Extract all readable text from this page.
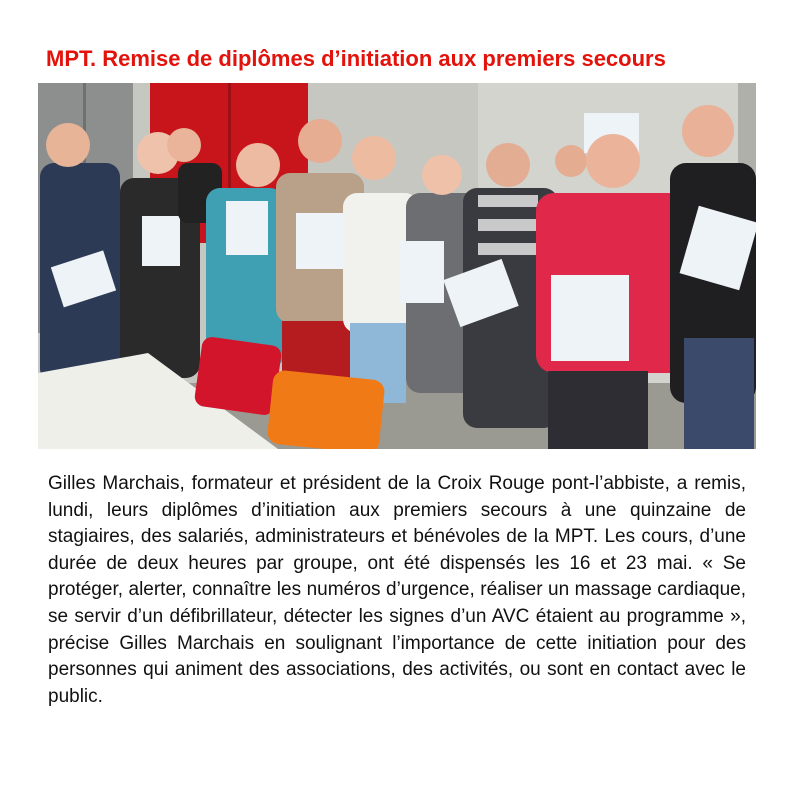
MPT. Remise de diplômes d’initiation aux premiers secours

Gilles Marchais, formateur et président de la Croix Rouge pont-l’abbiste, a remis, lundi, leurs diplômes d’initiation aux premiers secours à une quinzaine de stagiaires, des salariés, administrateurs et bénévoles de la MPT. Les cours, d’une durée de deux heures par groupe, ont été dispensés les 16 et 23 mai. « Se protéger, alerter, connaître les numéros d’urgence, réaliser un massage cardiaque, se servir d’un défibrillateur, détecter les signes d’un AVC étaient au programme », précise Gilles Marchais en soulignant l’importance de cette initiation pour des personnes qui animent des associations, des activités, ou sont en contact avec le public.
